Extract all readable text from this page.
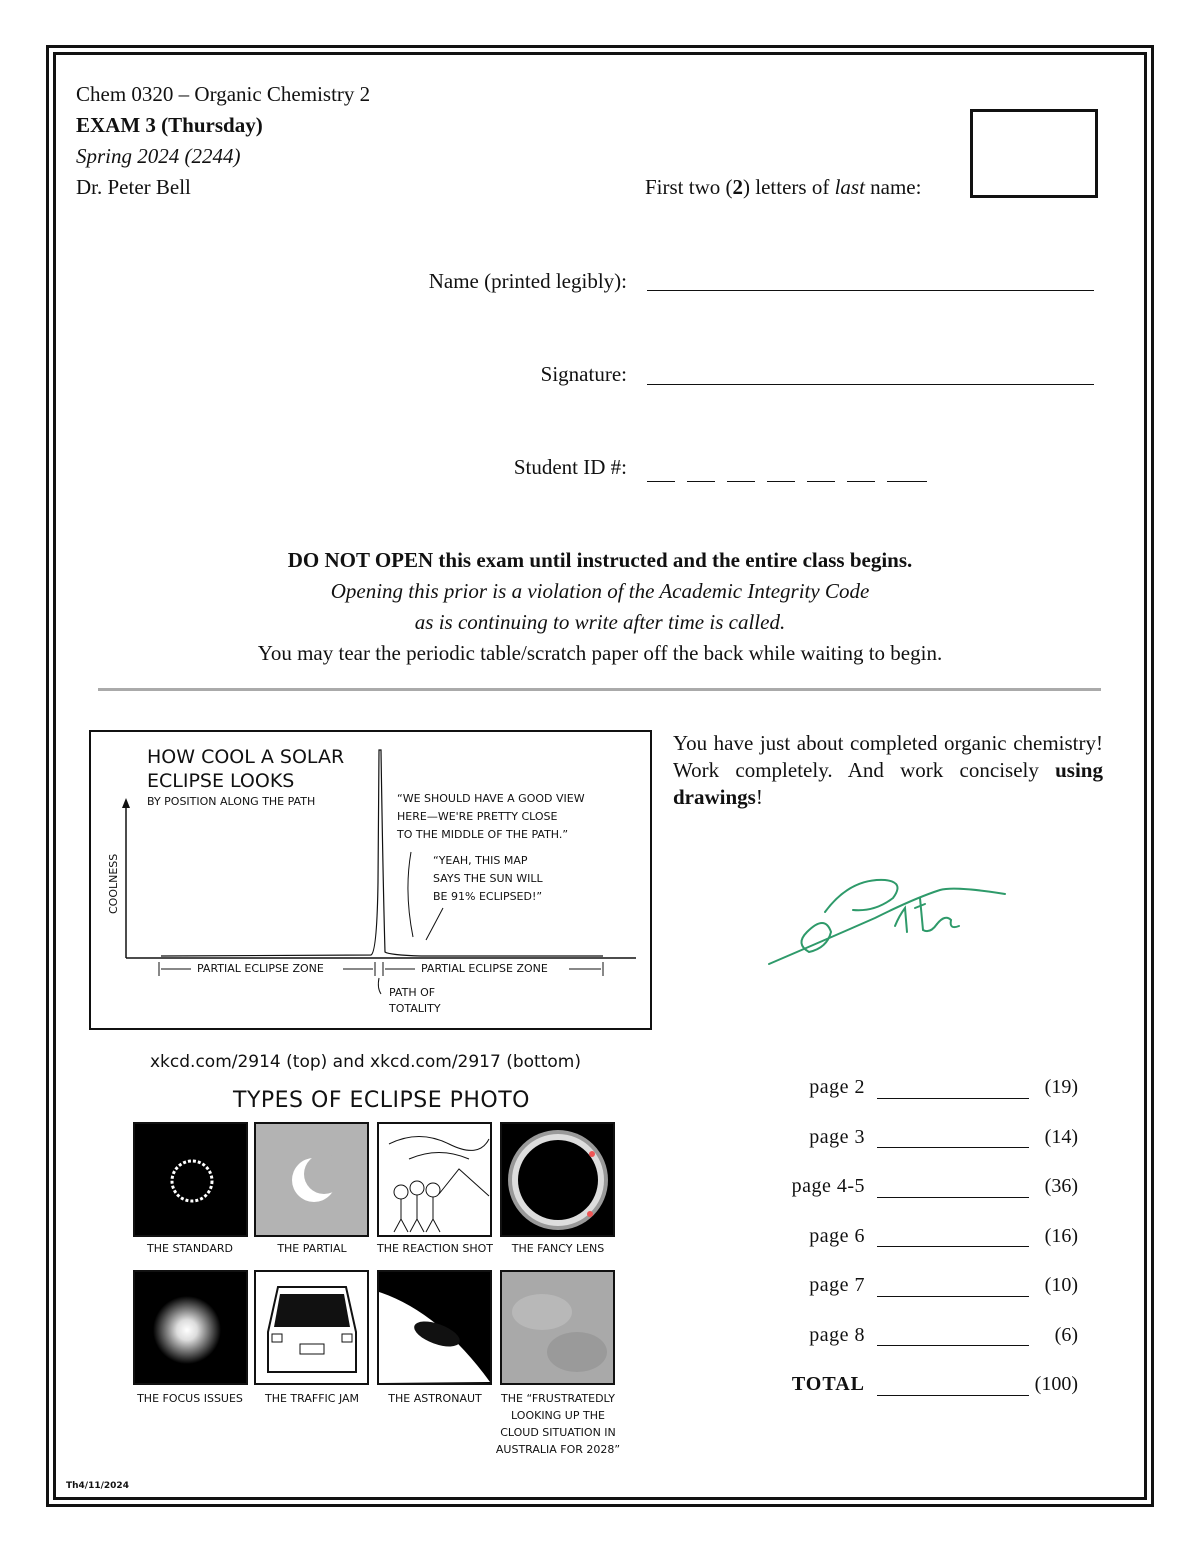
Chem 0320 – Organic Chemistry 2
EXAM 3 (Thursday)
Spring 2024 (2244)
Dr. Peter Bell	First two (2) letters of last name:
Name (printed legibly):
Signature:
Student ID #:
DO NOT OPEN this exam until instructed and the entire class begins.
Opening this prior is a violation of the Academic Integrity Code
as is continuing to write after time is called.
You may tear the periodic table/scratch paper off the back while waiting to begin.
HOW COOL A SOLAR
ECLIPSE LOOKS
BY POSITION ALONG THE PATH
COOLNESS
“WE SHOULD HAVE A GOOD VIEW
HERE—WE'RE PRETTY CLOSE
TO THE MIDDLE OF THE PATH.”
“YEAH, THIS MAP
SAYS THE SUN WILL
BE 91% ECLIPSED!”
PARTIAL ECLIPSE ZONE	PARTIAL ECLIPSE ZONE
PATH OF
TOTALITY
xkcd.com/2914 (top) and xkcd.com/2917 (bottom)
TYPES OF ECLIPSE PHOTO
THE STANDARD	THE PARTIAL	THE REACTION SHOT	THE FANCY LENS
THE FOCUS ISSUES	THE TRAFFIC JAM	THE ASTRONAUT	THE “FRUSTRATEDLY
LOOKING UP THE
CLOUD SITUATION IN
AUSTRALIA FOR 2028”
You have just about completed organic chemistry! Work completely. And work concisely using drawings!
page 2	(19)
page 3	(14)
page 4-5	(36)
page 6	(16)
page 7	(10)
page 8	(6)
TOTAL	(100)
Th4/11/2024
